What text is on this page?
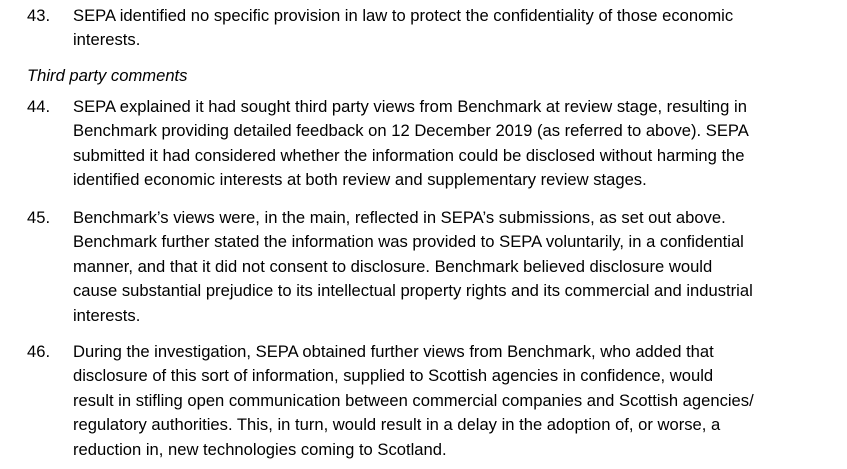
43. SEPA identified no specific provision in law to protect the confidentiality of those economic
interests.
Third party comments
44. SEPA explained it had sought third party views from Benchmark at review stage, resulting in
Benchmark providing detailed feedback on 12 December 2019 (as referred to above). SEPA
submitted it had considered whether the information could be disclosed without harming the
identified economic interests at both review and supplementary review stages.
45. Benchmark’s views were, in the main, reflected in SEPA’s submissions, as set out above.
Benchmark further stated the information was provided to SEPA voluntarily, in a confidential
manner, and that it did not consent to disclosure. Benchmark believed disclosure would
cause substantial prejudice to its intellectual property rights and its commercial and industrial
interests.
46. During the investigation, SEPA obtained further views from Benchmark, who added that
disclosure of this sort of information, supplied to Scottish agencies in confidence, would
result in stifling open communication between commercial companies and Scottish agencies/
regulatory authorities. This, in turn, would result in a delay in the adoption of, or worse, a
reduction in, new technologies coming to Scotland.
